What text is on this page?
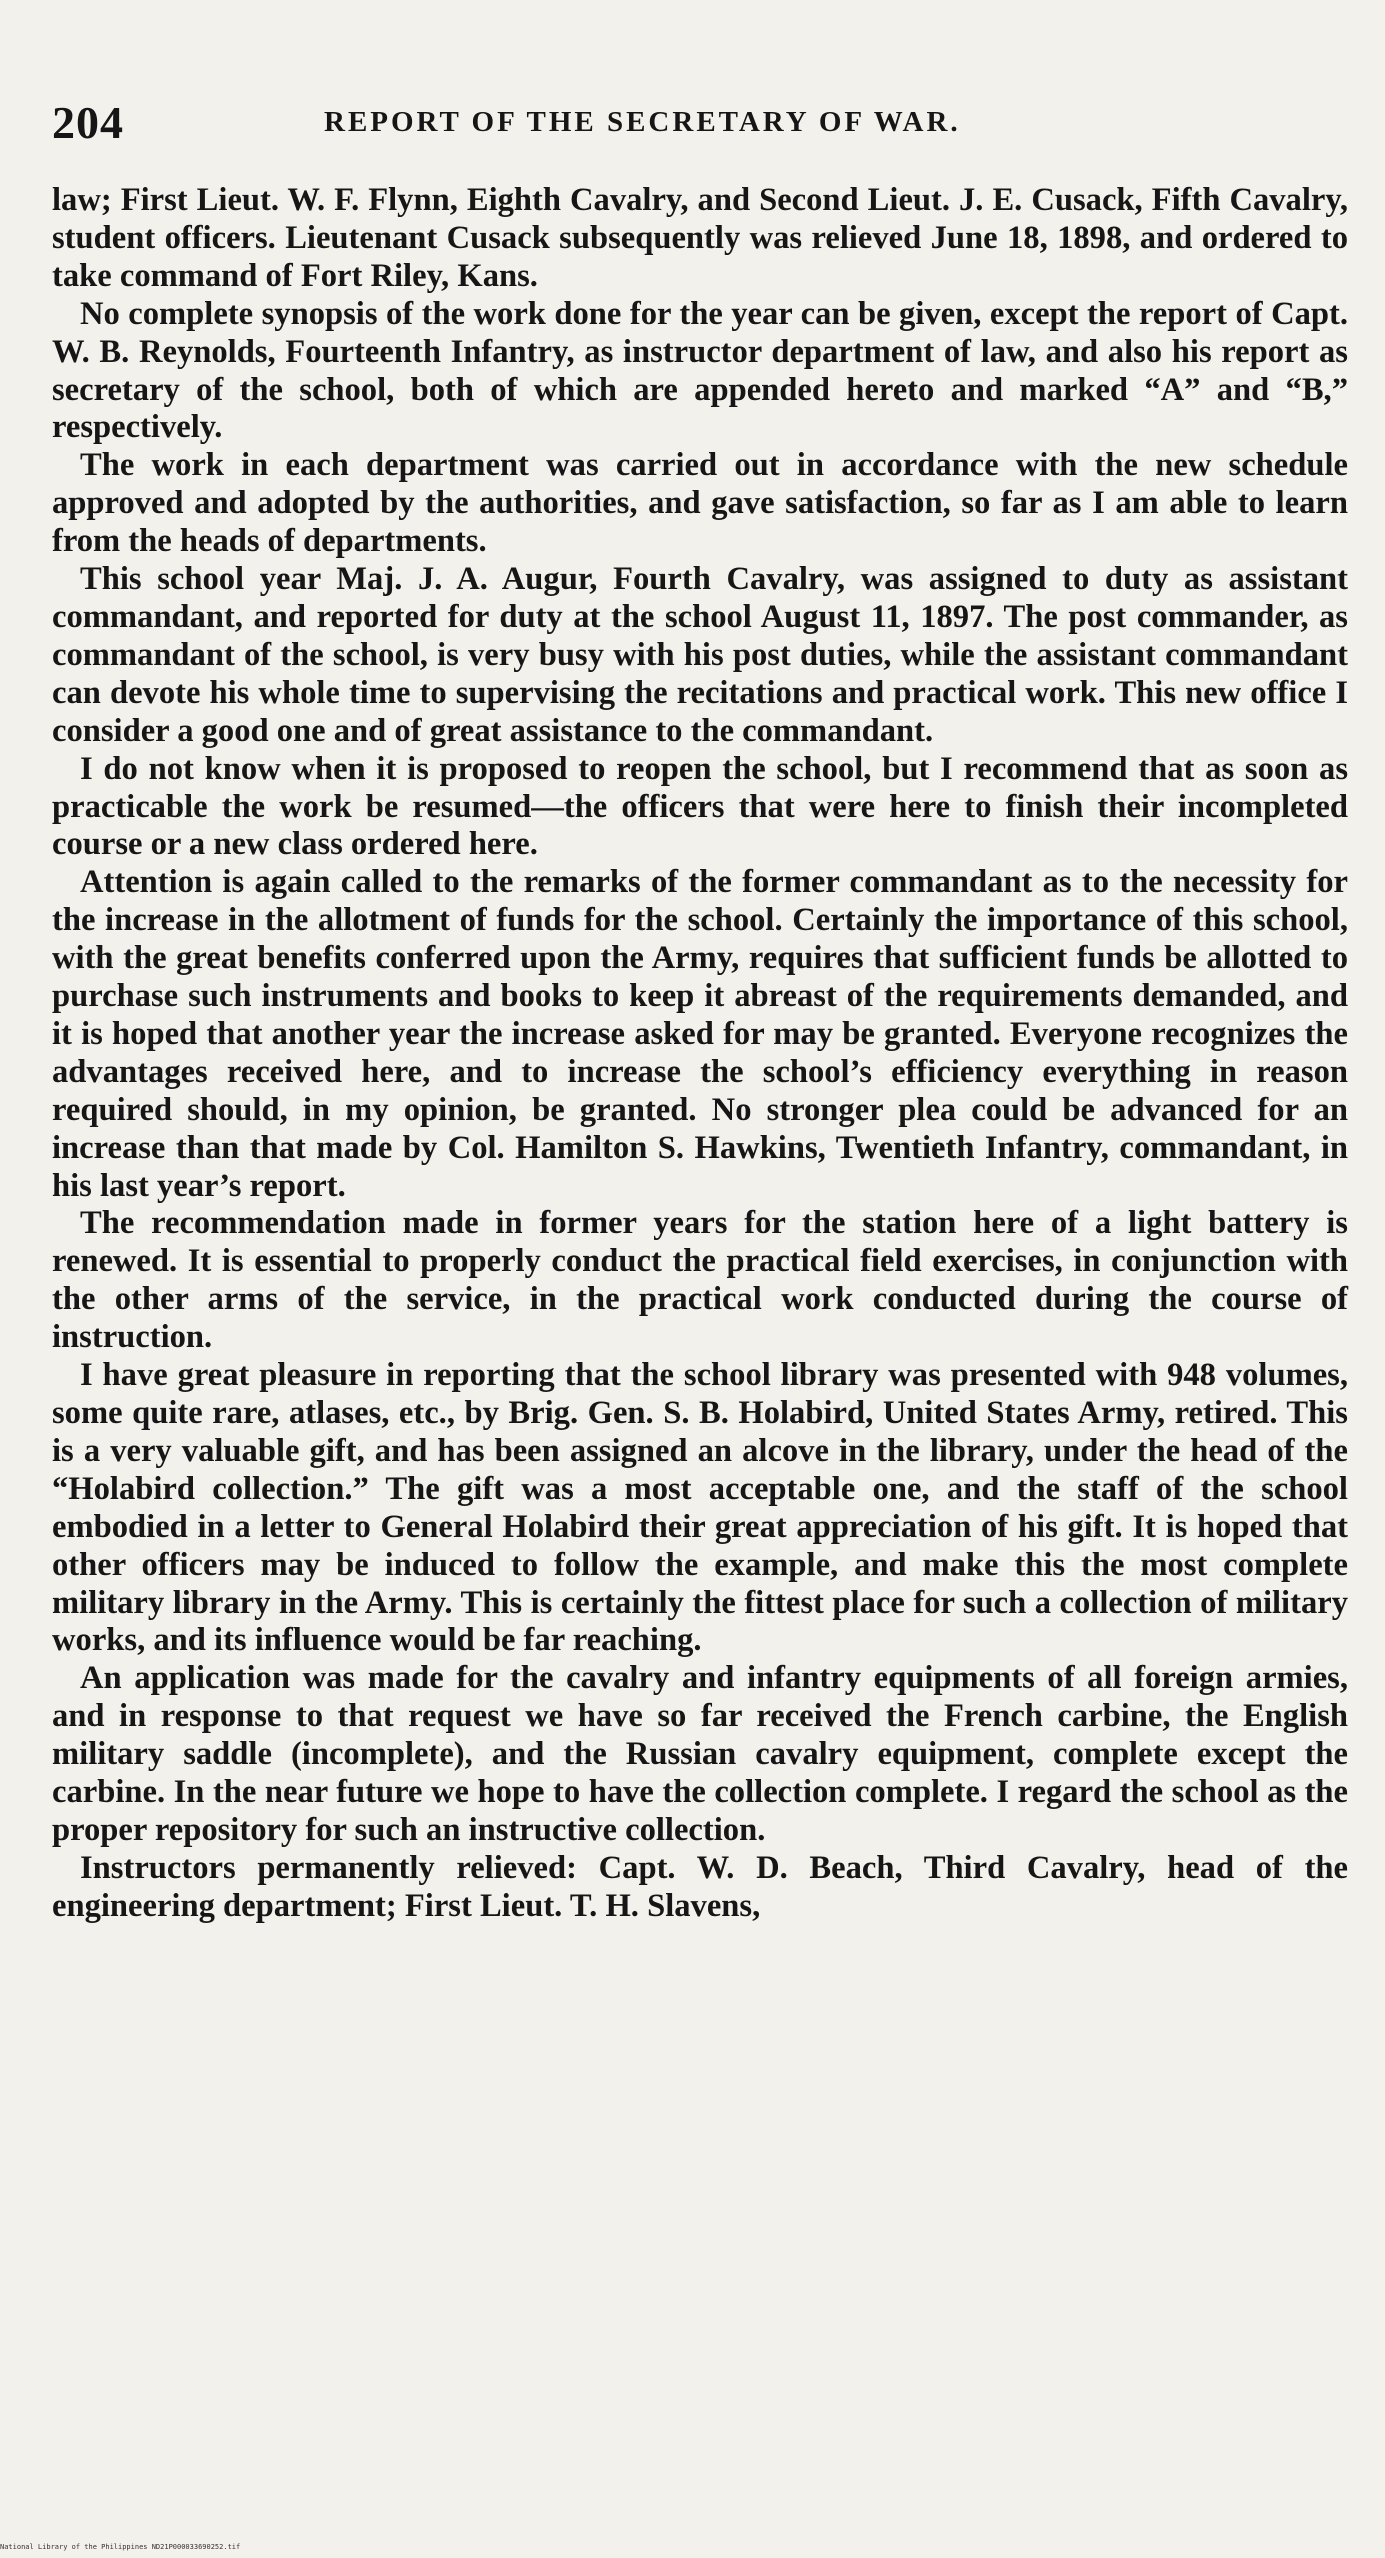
204	REPORT OF THE SECRETARY OF WAR.

law; First Lieut. W. F. Flynn, Eighth Cavalry, and Second Lieut. J. E. Cusack, Fifth Cavalry, student officers. Lieutenant Cusack subsequently was relieved June 18, 1898, and ordered to take command of Fort Riley, Kans.

No complete synopsis of the work done for the year can be given, except the report of Capt. W. B. Reynolds, Fourteenth Infantry, as instructor department of law, and also his report as secretary of the school, both of which are appended hereto and marked “A” and “B,” respectively.

The work in each department was carried out in accordance with the new schedule approved and adopted by the authorities, and gave satisfaction, so far as I am able to learn from the heads of departments.

This school year Maj. J. A. Augur, Fourth Cavalry, was assigned to duty as assistant commandant, and reported for duty at the school August 11, 1897. The post commander, as commandant of the school, is very busy with his post duties, while the assistant commandant can devote his whole time to supervising the recitations and practical work. This new office I consider a good one and of great assistance to the commandant.

I do not know when it is proposed to reopen the school, but I recommend that as soon as practicable the work be resumed—the officers that were here to finish their incompleted course or a new class ordered here.

Attention is again called to the remarks of the former commandant as to the necessity for the increase in the allotment of funds for the school. Certainly the importance of this school, with the great benefits conferred upon the Army, requires that sufficient funds be allotted to purchase such instruments and books to keep it abreast of the requirements demanded, and it is hoped that another year the increase asked for may be granted. Everyone recognizes the advantages received here, and to increase the school’s efficiency everything in reason required should, in my opinion, be granted. No stronger plea could be advanced for an increase than that made by Col. Hamilton S. Hawkins, Twentieth Infantry, commandant, in his last year’s report.

The recommendation made in former years for the station here of a light battery is renewed. It is essential to properly conduct the practical field exercises, in conjunction with the other arms of the service, in the practical work conducted during the course of instruction.

I have great pleasure in reporting that the school library was presented with 948 volumes, some quite rare, atlases, etc., by Brig. Gen. S. B. Holabird, United States Army, retired. This is a very valuable gift, and has been assigned an alcove in the library, under the head of the “Holabird collection.” The gift was a most acceptable one, and the staff of the school embodied in a letter to General Holabird their great appreciation of his gift. It is hoped that other officers may be induced to follow the example, and make this the most complete military library in the Army. This is certainly the fittest place for such a collection of military works, and its influence would be far reaching.

An application was made for the cavalry and infantry equipments of all foreign armies, and in response to that request we have so far received the French carbine, the English military saddle (incomplete), and the Russian cavalry equipment, complete except the carbine. In the near future we hope to have the collection complete. I regard the school as the proper repository for such an instructive collection.

Instructors permanently relieved: Capt. W. D. Beach, Third Cavalry, head of the engineering department; First Lieut. T. H. Slavens,

National Library of the Philippines ND21P000033690252.tif
